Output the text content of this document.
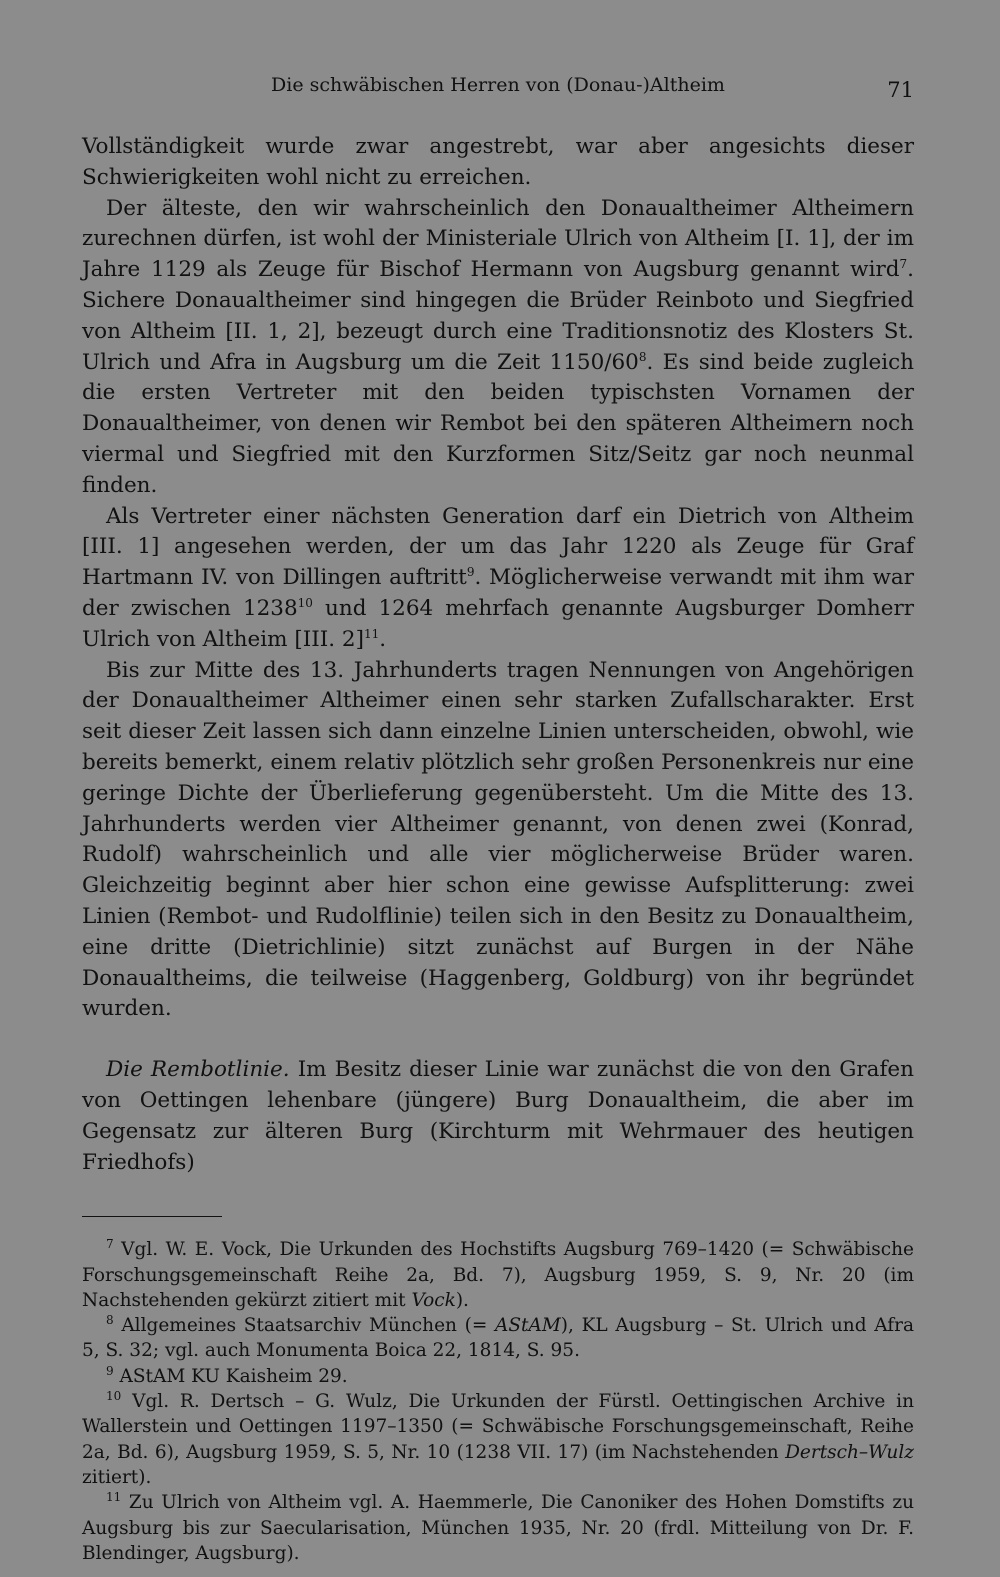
Die schwäbischen Herren von (Donau-)Altheim	71

Vollständigkeit wurde zwar angestrebt, war aber angesichts dieser Schwierigkeiten wohl nicht zu erreichen.

Der älteste, den wir wahrscheinlich den Donaualtheimer Altheimern zurechnen dürfen, ist wohl der Ministeriale Ulrich von Altheim [I. 1], der im Jahre 1129 als Zeuge für Bischof Hermann von Augsburg genannt wird$^7$. Sichere Donaualtheimer sind hingegen die Brüder Reinboto und Siegfried von Altheim [II. 1, 2], bezeugt durch eine Traditionsnotiz des Klosters St. Ulrich und Afra in Augsburg um die Zeit $1150/60^8$. Es sind beide zugleich die ersten Vertreter mit den beiden typischsten Vornamen der Donaualtheimer, von denen wir Rembot bei den späteren Altheimern noch viermal und Siegfried mit den Kurzformen Sitz/Seitz gar noch neunmal finden.

Als Vertreter einer nächsten Generation darf ein Dietrich von Altheim [III. 1] angesehen werden, der um das Jahr 1220 als Zeuge für Graf Hartmann IV. von Dillingen auftritt$^9$. Möglicherweise verwandt mit ihm war der zwischen 1238$^{10}$ und 1264 mehrfach genannte Augsburger Domherr Ulrich von Altheim [III. 2]$^{11}$.

Bis zur Mitte des 13. Jahrhunderts tragen Nennungen von Angehörigen der Donaualtheimer Altheimer einen sehr starken Zufallscharakter. Erst seit dieser Zeit lassen sich dann einzelne Linien unterscheiden, obwohl, wie bereits bemerkt, einem relativ plötzlich sehr großen Personenkreis nur eine geringe Dichte der Überlieferung gegenübersteht. Um die Mitte des 13. Jahrhunderts werden vier Altheimer genannt, von denen zwei (Konrad, Rudolf) wahrscheinlich und alle vier möglicherweise Brüder waren. Gleichzeitig beginnt aber hier schon eine gewisse Aufsplitterung: zwei Linien (Rembot- und Rudolflinie) teilen sich in den Besitz zu Donaualtheim, eine dritte (Dietrichlinie) sitzt zunächst auf Burgen in der Nähe Donaualtheims, die teilweise (Haggenberg, Goldburg) von ihr begründet wurden.

Die Rembotlinie. Im Besitz dieser Linie war zunächst die von den Grafen von Oettingen lehenbare (jüngere) Burg Donaualtheim, die aber im Gegensatz zur älteren Burg (Kirchturm mit Wehrmauer des heutigen Friedhofs)

$^7$ Vgl. W. E. Vock, Die Urkunden des Hochstifts Augsburg 769–1420 (= Schwäbische Forschungsgemeinschaft Reihe 2a, Bd. 7), Augsburg 1959, S. 9, Nr. 20 (im Nachstehenden gekürzt zitiert mit Vock).

$^8$ Allgemeines Staatsarchiv München (= AStAM), KL Augsburg – St. Ulrich und Afra 5, S. 32; vgl. auch Monumenta Boica 22, 1814, S. 95.

$^9$ AStAM KU Kaisheim 29.

$^{10}$ Vgl. R. Dertsch – G. Wulz, Die Urkunden der Fürstl. Oettingischen Archive in Wallerstein und Oettingen 1197–1350 (= Schwäbische Forschungsgemeinschaft, Reihe 2a, Bd. 6), Augsburg 1959, S. 5, Nr. 10 (1238 VII. 17) (im Nachstehenden Dertsch–Wulz zitiert).

$^{11}$ Zu Ulrich von Altheim vgl. A. Haemmerle, Die Canoniker des Hohen Domstifts zu Augsburg bis zur Saecularisation, München 1935, Nr. 20 (frdl. Mitteilung von Dr. F. Blendinger, Augsburg).
